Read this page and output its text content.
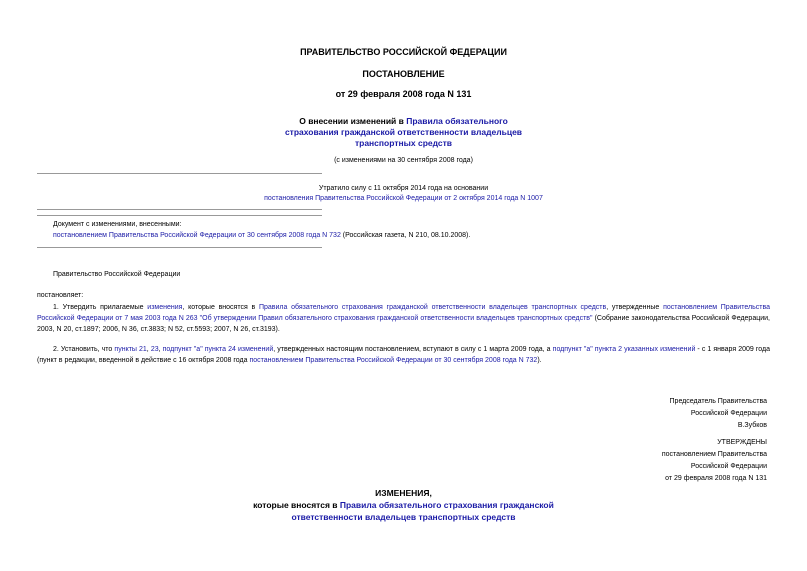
ПРАВИТЕЛЬСТВО РОССИЙСКОЙ ФЕДЕРАЦИИ
ПОСТАНОВЛЕНИЕ
от 29 февраля 2008 года N 131
О внесении изменений в Правила обязательного
страхования гражданской ответственности владельцев
транспортных средств
(с изменениями на 30 сентября 2008 года)
Утратило силу с 11 октября 2014 года на основании
постановления Правительства Российской Федерации от 2 октября 2014 года N 1007
Документ с изменениями, внесенными:
постановлением Правительства Российской Федерации от 30 сентября 2008 года N 732 (Российская газета, N 210, 08.10.2008).
Правительство Российской Федерации
постановляет:
1. Утвердить прилагаемые изменения, которые вносятся в Правила обязательного страхования гражданской ответственности владельцев транспортных средств, утвержденные постановлением Правительства Российской Федерации от 7 мая 2003 года N 263 "Об утверждении Правил обязательного страхования гражданской ответственности владельцев транспортных средств" (Собрание законодательства Российской Федерации, 2003, N 20, ст.1897; 2006, N 36, ст.3833; N 52, ст.5593; 2007, N 26, ст.3193).
2. Установить, что пункты 21, 23, подпункт "а" пункта 24 изменений, утвержденных настоящим постановлением, вступают в силу с 1 марта 2009 года, а подпункт "а" пункта 2 указанных изменений - с 1 января 2009 года (пункт в редакции, введенной в действие с 16 октября 2008 года постановлением Правительства Российской Федерации от 30 сентября 2008 года N 732).
Председатель Правительства
Российской Федерации
В.Зубков
УТВЕРЖДЕНЫ
постановлением Правительства
Российской Федерации
от 29 февраля 2008 года N 131
ИЗМЕНЕНИЯ,
которые вносятся в Правила обязательного страхования гражданской
ответственности владельцев транспортных средств
